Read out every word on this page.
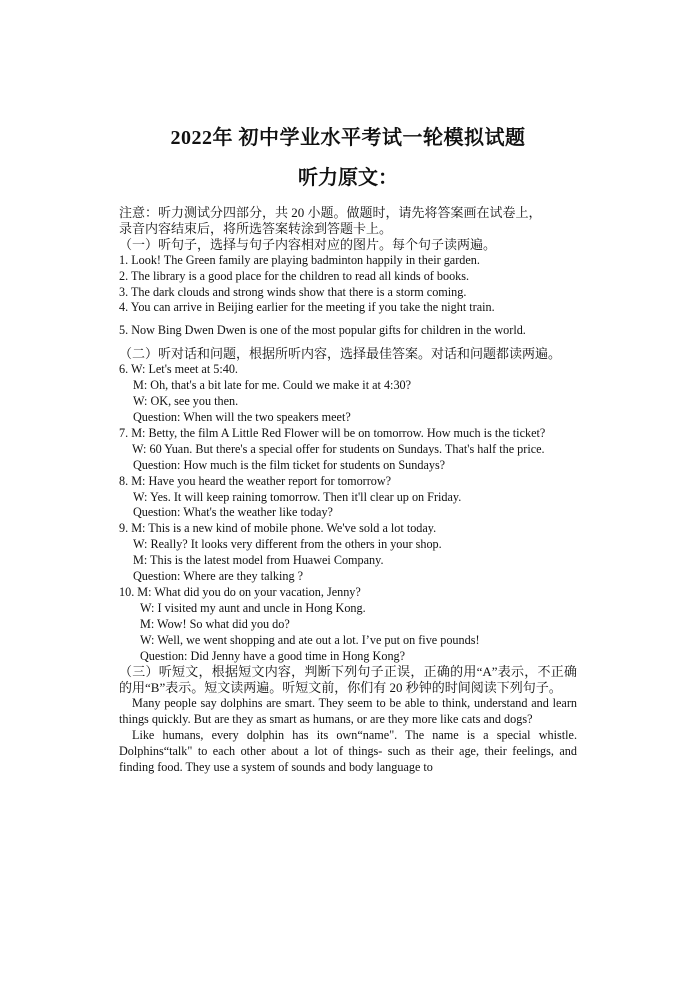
2022年 初中学业水平考试一轮模拟试题
听力原文：

注意：听力测试分四部分，共 20 小题。做题时，请先将答案画在试卷上，

录音内容结束后，将所选答案转涂到答题卡上。

（一）听句子，选择与句子内容相对应的图片。每个句子读两遍。

1. Look! The Green family are playing badminton happily in their garden.

2. The library is a good place for the children to read all kinds of books.

3. The dark clouds and strong winds show that there is a storm coming.

4. You can arrive in Beijing earlier for the meeting if you take the night train.

5. Now Bing Dwen Dwen is one of the most popular gifts for children in the world.

（二）听对话和问题，根据所听内容，选择最佳答案。对话和问题都读两遍。

6. W: Let's meet at 5:40.

M: Oh, that's a bit late for me. Could we make it at 4:30?

W: OK, see you then.

Question: When will the two speakers meet?

7. M: Betty, the film A Little Red Flower will be on tomorrow. How much is the ticket?

W: 60 Yuan. But there's a special offer for students on Sundays. That's half the price.

Question: How much is the film ticket for students on Sundays?

8. M: Have you heard the weather report for tomorrow?

W: Yes. It will keep raining tomorrow. Then it'll clear up on Friday.

Question: What's the weather like today?

9. M: This is a new kind of mobile phone. We've sold a lot today.

W: Really? It looks very different from the others in your shop.

M: This is the latest model from Huawei Company.

Question: Where are they talking ?

10. M: What did you do on your vacation, Jenny?

W: I visited my aunt and uncle in Hong Kong.

M: Wow! So what did you do?

W: Well, we went shopping and ate out a lot. I’ve put on five pounds!

Question: Did Jenny have a good time in Hong Kong?

（三）听短文，根据短文内容，判断下列句子正误，正确的用“A”表示，不正确的用“B”表示。短文读两遍。听短文前，你们有 20 秒钟的时间阅读下列句子。

Many people say dolphins are smart. They seem to be able to think, understand and learn things quickly. But are they as smart as humans, or are they more like cats and dogs?

Like humans, every dolphin has its own“name". The name is a special whistle. Dolphins“talk" to each other about a lot of things- such as their age, their feelings, and finding food. They use a system of sounds and body language to
